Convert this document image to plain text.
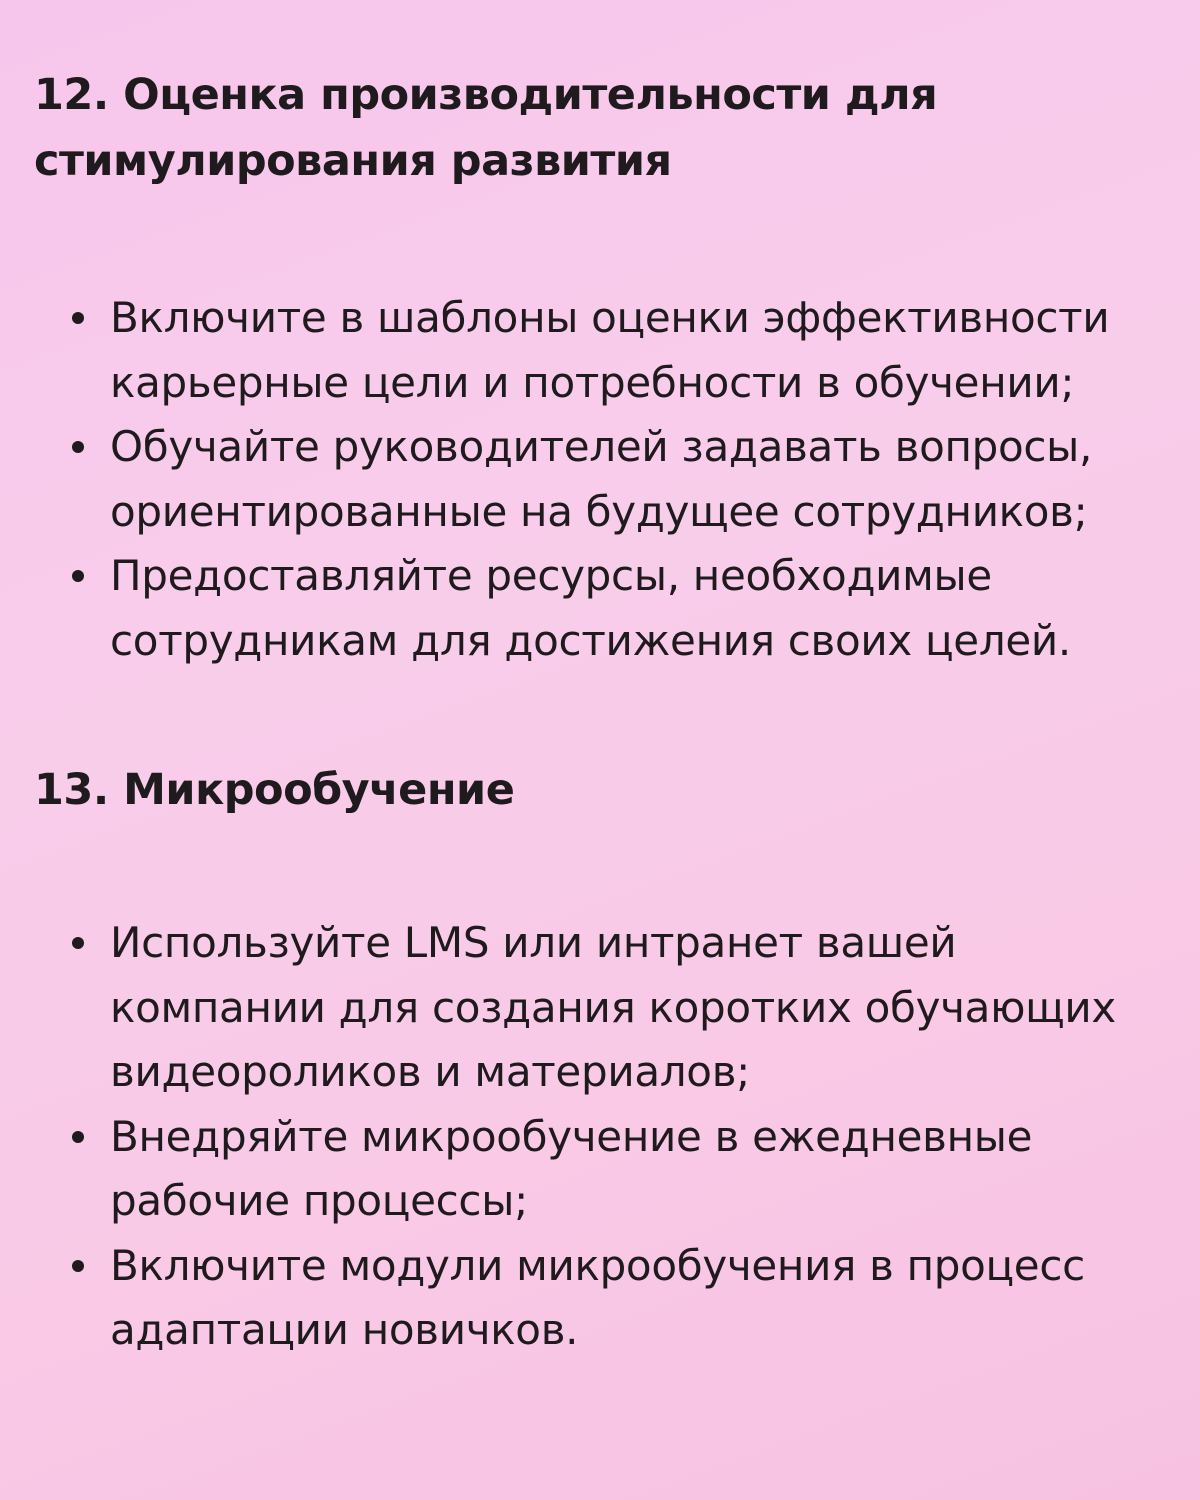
12. Оценка производительности для стимулирования развития
Включите в шаблоны оценки эффективности карьерные цели и потребности в обучении;
Обучайте руководителей задавать вопросы, ориентированные на будущее сотрудников;
Предоставляйте ресурсы, необходимые сотрудникам для достижения своих целей.
13. Микрообучение
Используйте LMS или интранет вашей компании для создания коротких обучающих видеороликов и материалов;
Внедряйте микрообучение в ежедневные рабочие процессы;
Включите модули микрообучения в процесс адаптации новичков.
